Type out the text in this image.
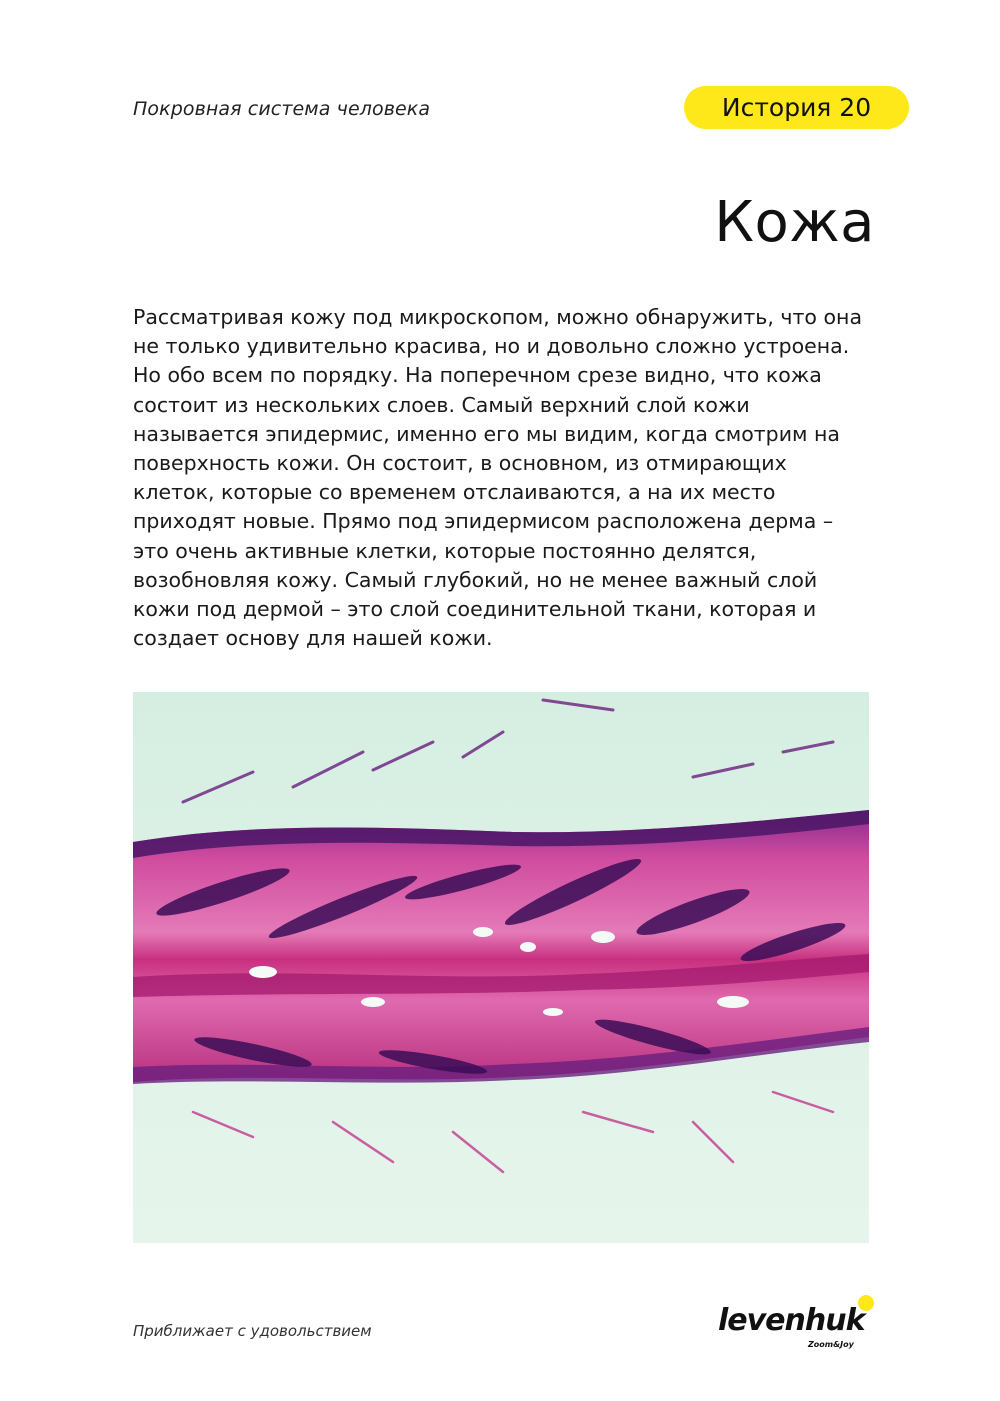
Покровная система человека	История 20
Кожа

Рассматривая кожу под микроскопом, можно обнаружить, что она не только удивительно красива, но и довольно сложно устроена. Но обо всем по порядку. На поперечном срезе видно, что кожа состоит из нескольких слоев. Самый верхний слой кожи называется эпидермис, именно его мы видим, когда смотрим на поверхность кожи. Он состоит, в основном, из отмирающих клеток, которые со временем отслаиваются, а на их место приходят новые. Прямо под эпидермисом расположена дерма – это очень активные клетки, которые постоянно делятся, возобновляя кожу. Самый глубокий, но не менее важный слой кожи под дермой – это слой соединительной ткани, которая и создает основу для нашей кожи.

Приближает с удовольствием	levenhuk
Zoom&Joy
